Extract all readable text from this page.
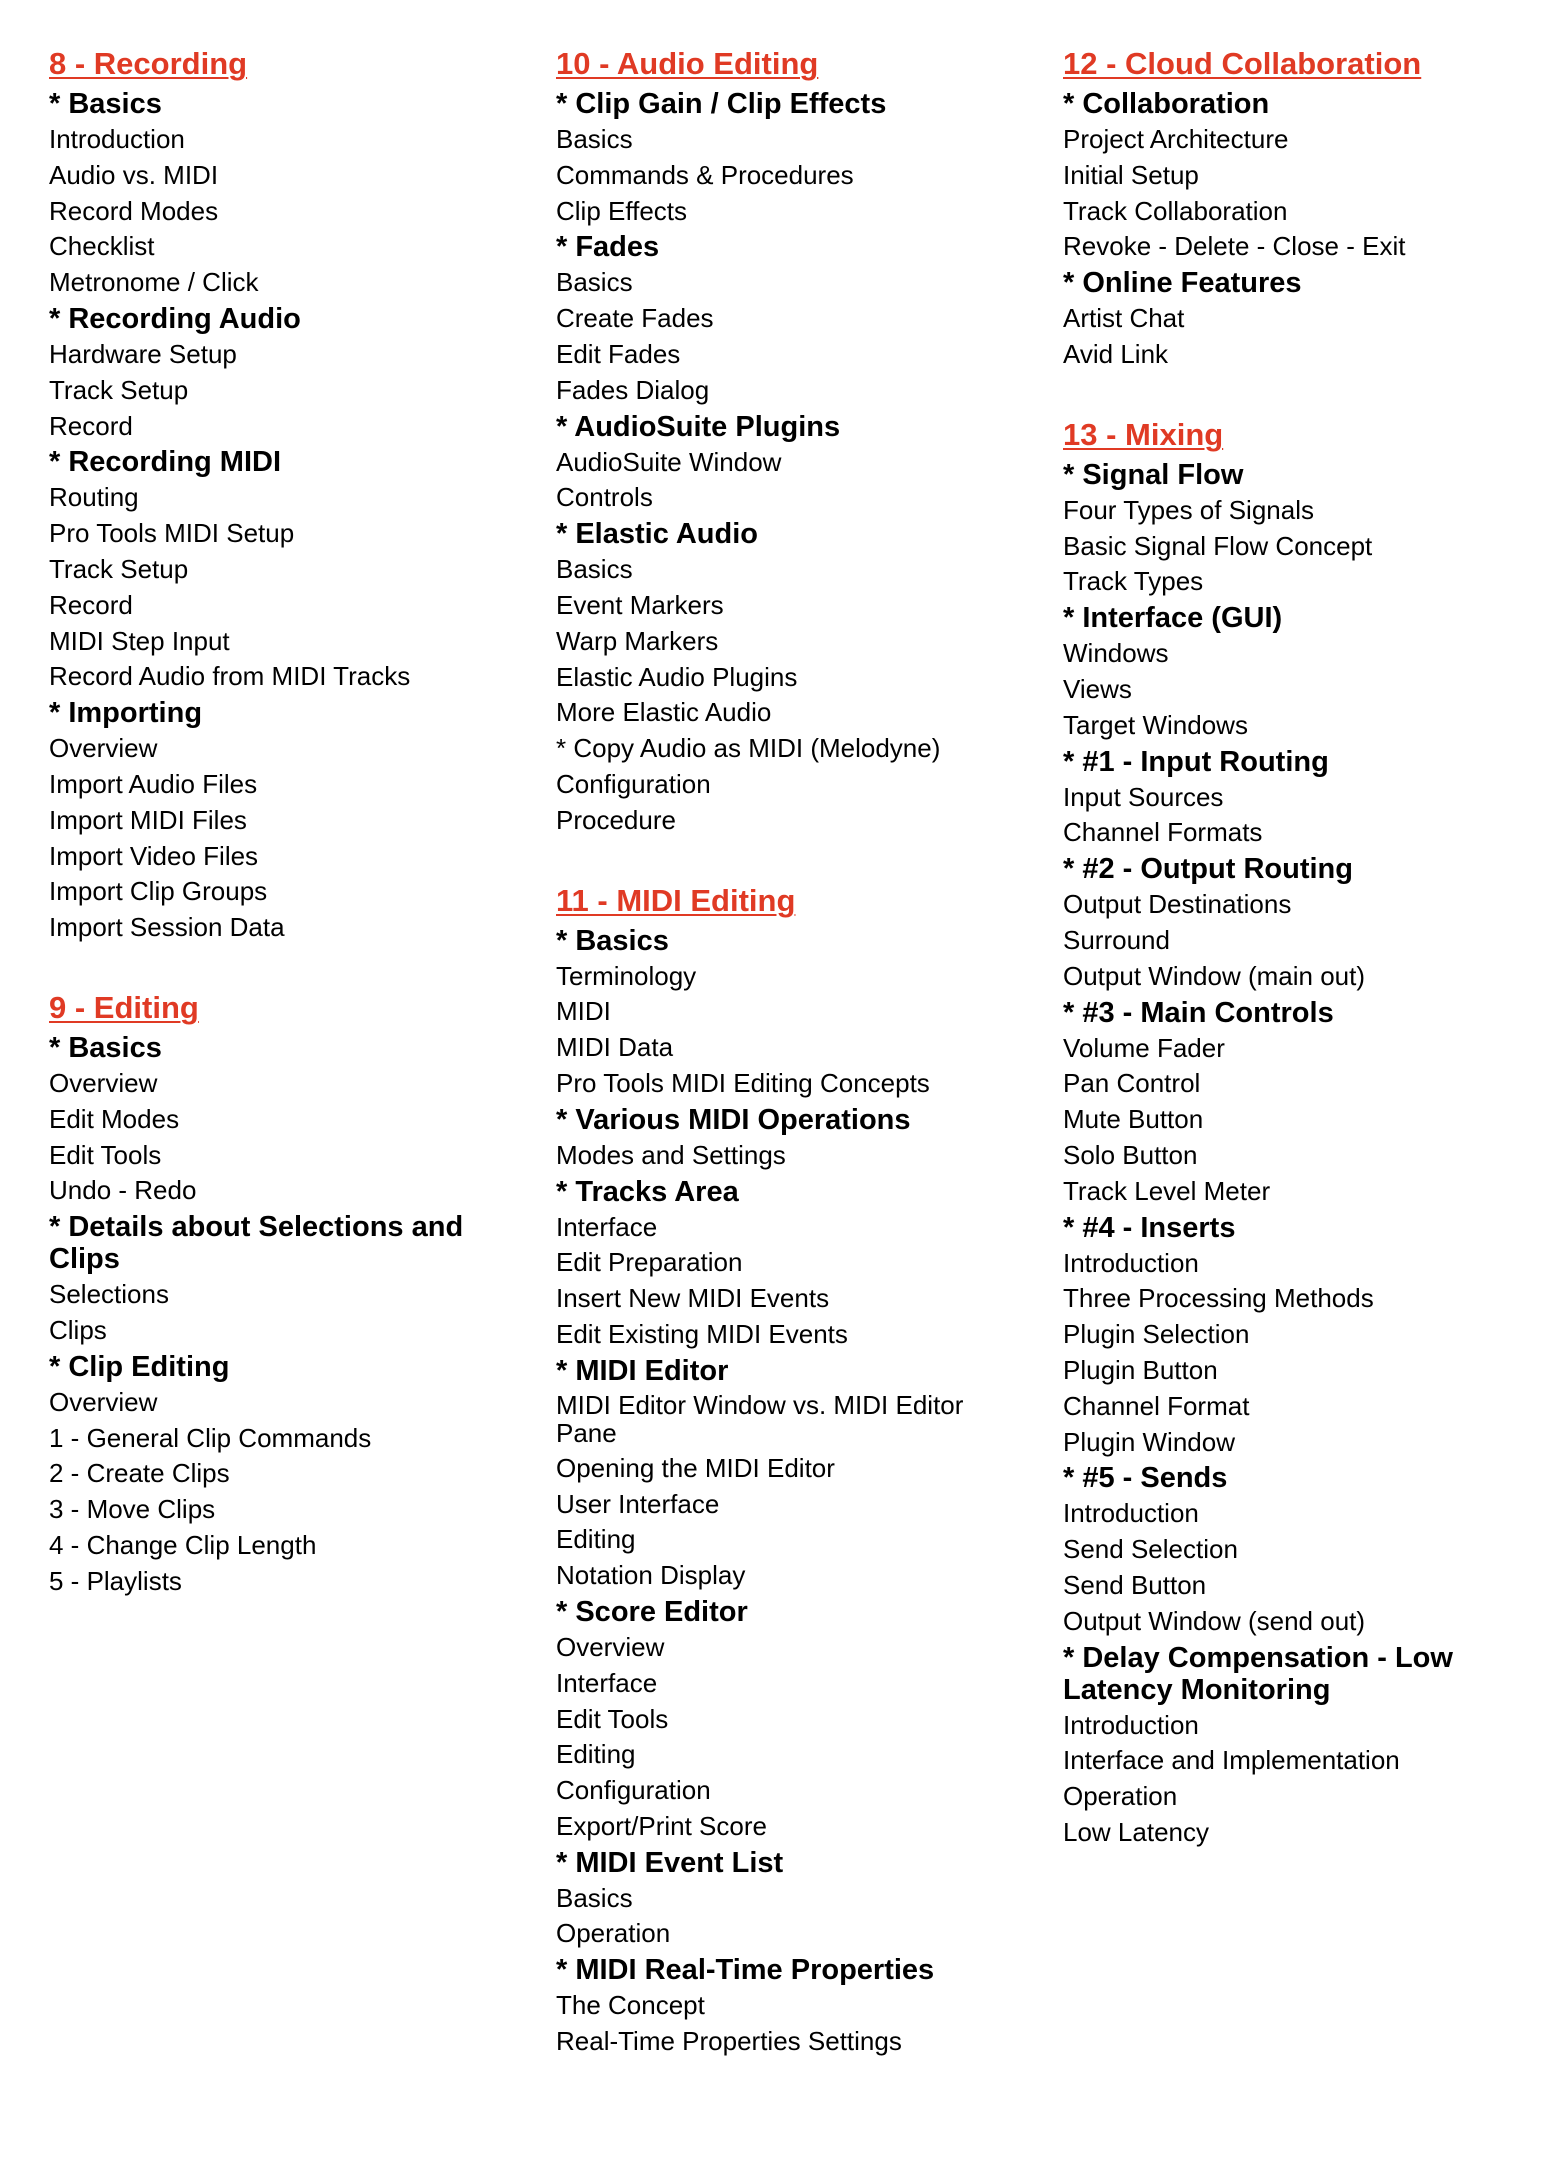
8 - Recording
* Basics
Introduction
Audio vs. MIDI
Record Modes
Checklist
Metronome / Click
* Recording Audio
Hardware Setup
Track Setup
Record
* Recording MIDI
Routing
Pro Tools MIDI Setup
Track Setup
Record
MIDI Step Input
Record Audio from MIDI Tracks
* Importing
Overview
Import Audio Files
Import MIDI Files
Import Video Files
Import Clip Groups
Import Session Data
9 - Editing
* Basics
Overview
Edit Modes
Edit Tools
Undo - Redo
* Details about Selections and Clips
Selections
Clips
* Clip Editing
Overview
1 - General Clip Commands
2 - Create Clips
3 - Move Clips
4 - Change Clip Length
5 - Playlists
10 - Audio Editing
* Clip Gain / Clip Effects
Basics
Commands & Procedures
Clip Effects
* Fades
Basics
Create Fades
Edit Fades
Fades Dialog
* AudioSuite Plugins
AudioSuite Window
Controls
* Elastic Audio
Basics
Event Markers
Warp Markers
Elastic Audio Plugins
More Elastic Audio
* Copy Audio as MIDI (Melodyne)
Configuration
Procedure
11 - MIDI Editing
* Basics
Terminology
MIDI
MIDI Data
Pro Tools MIDI Editing Concepts
* Various MIDI Operations
Modes and Settings
* Tracks Area
Interface
Edit Preparation
Insert New MIDI Events
Edit Existing MIDI Events
* MIDI Editor
MIDI Editor Window vs. MIDI Editor Pane
Opening the MIDI Editor
User Interface
Editing
Notation Display
* Score Editor
Overview
Interface
Edit Tools
Editing
Configuration
Export/Print Score
* MIDI Event List
Basics
Operation
* MIDI Real-Time Properties
The Concept
Real-Time Properties Settings
12 - Cloud Collaboration
* Collaboration
Project Architecture
Initial Setup
Track Collaboration
Revoke - Delete - Close - Exit
* Online Features
Artist Chat
Avid Link
13 - Mixing
* Signal Flow
Four Types of Signals
Basic Signal Flow Concept
Track Types
* Interface (GUI)
Windows
Views
Target Windows
* #1 - Input Routing
Input Sources
Channel Formats
* #2 - Output Routing
Output Destinations
Surround
Output Window (main out)
* #3 - Main Controls
Volume Fader
Pan Control
Mute Button
Solo Button
Track Level Meter
* #4 - Inserts
Introduction
Three Processing Methods
Plugin Selection
Plugin Button
Channel Format
Plugin Window
* #5 - Sends
Introduction
Send Selection
Send Button
Output Window (send out)
* Delay Compensation - Low Latency Monitoring
Introduction
Interface and Implementation
Operation
Low Latency
